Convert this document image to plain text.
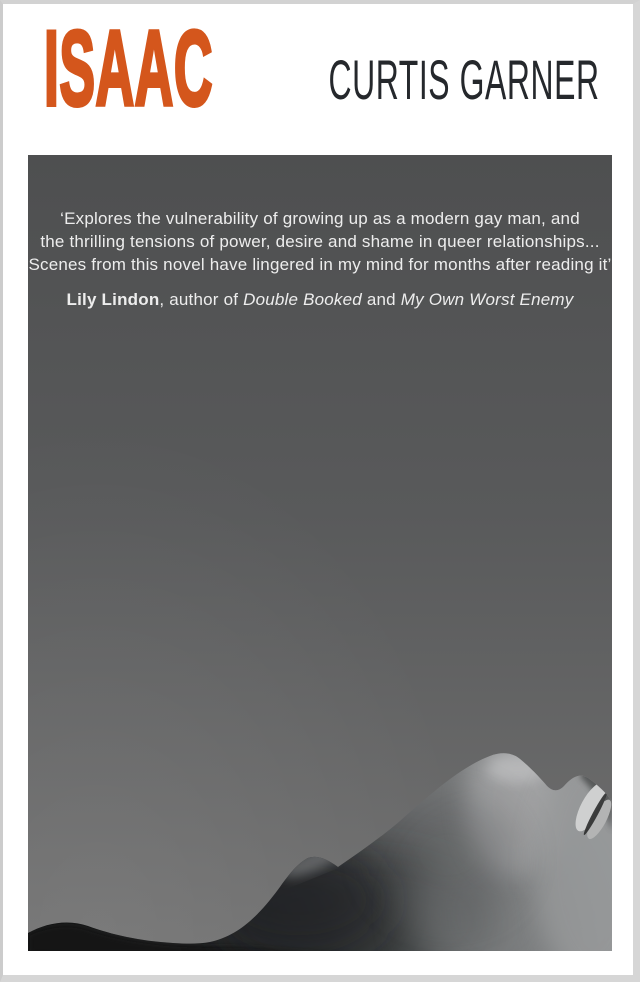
ISAAC CURTIS GARNER

‘Explores the vulnerability of growing up as a modern gay man, and
the thrilling tensions of power, desire and shame in queer relationships...
Scenes from this novel have lingered in my mind for months after reading it’

Lily Lindon, author of Double Booked and My Own Worst Enemy
